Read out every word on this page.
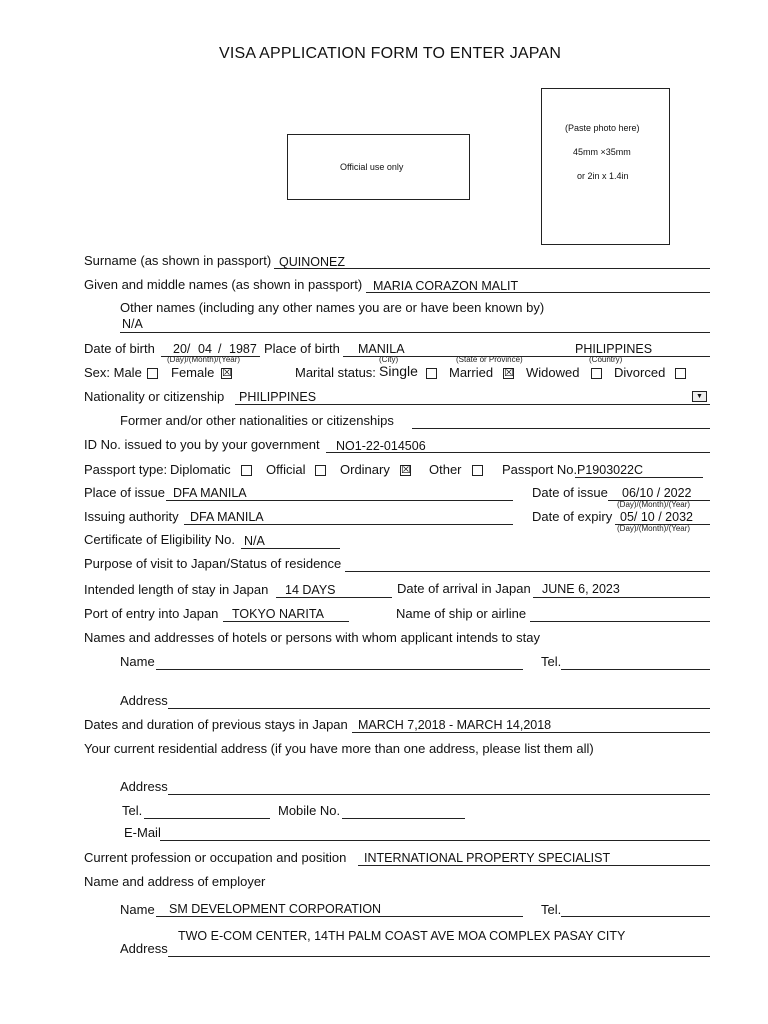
VISA APPLICATION FORM TO ENTER JAPAN
Official use only
(Paste photo here)
45mm ×35mm
or 2in x 1.4in
Surname (as shown in passport) QUINONEZ
Given and middle names (as shown in passport) MARIA CORAZON MALIT
Other names (including any other names you are or have been known by)
N/A
Date of birth 20/ 04 / 1987
(Day)/(Month)/(Year)
Place of birth MANILA	PHILIPPINES
(City)	(State or Province)	(Country)
Sex: Male Female ☒	Marital status: Single Married ☒ Widowed	Divorced
Nationality or citizenship PHILIPPINES	▼
Former and/or other nationalities or citizenships
ID No. issued to you by your government NO1-22-014506
Passport type: Diplomatic	Official	Ordinary ☒ Other	Passport No. P1903022C
Place of issue DFA MANILA	Date of issue 06/10 / 2022
(Day)/(Month)/(Year)
Issuing authority DFA MANILA	Date of expiry 05/ 10 / 2032
(Day)/(Month)/(Year)
Certificate of Eligibility No. N/A
Purpose of visit to Japan/Status of residence
Intended length of stay in Japan 14 DAYS	Date of arrival in Japan JUNE 6, 2023
Port of entry into Japan TOKYO NARITA	Name of ship or airline
Names and addresses of hotels or persons with whom applicant intends to stay
Name	Tel.
Address
Dates and duration of previous stays in Japan MARCH 7,2018 - MARCH 14,2018
Your current residential address (if you have more than one address, please list them all)
Address
Tel.	Mobile No.
E-Mail
Current profession or occupation and position INTERNATIONAL PROPERTY SPECIALIST
Name and address of employer
Name SM DEVELOPMENT CORPORATION	Tel.
TWO E-COM CENTER, 14TH PALM COAST AVE MOA COMPLEX PASAY CITY
Address
